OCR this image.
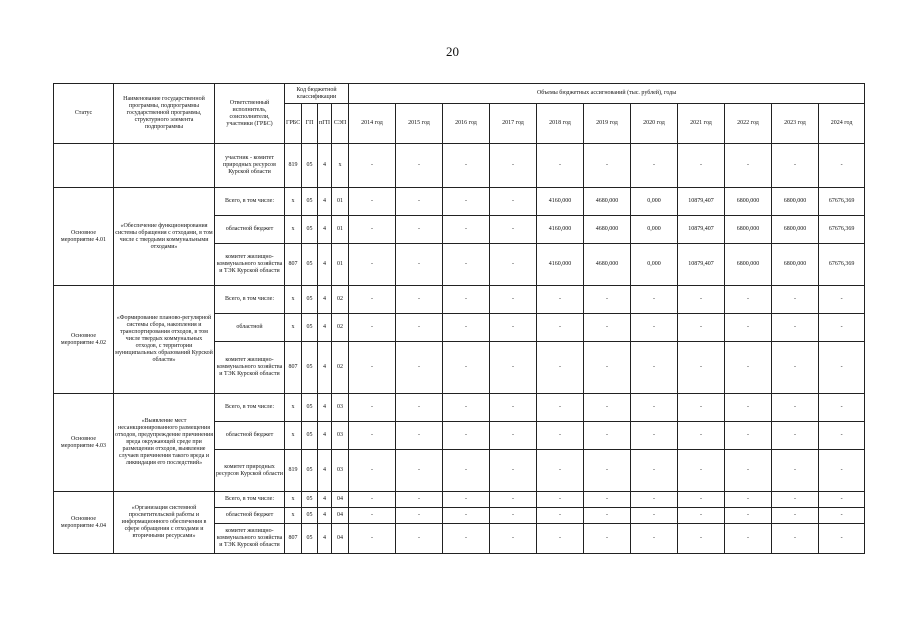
20
Статус	Наименование государственной программы, подпрограммы государственной программы, структурного элемента подпрограммы	Ответственный исполнитель, соисполнители, участники (ГРБС)	Код бюджетной классификации				Объемы бюджетных ассигнований (тыс. рублей), годы										
			ГРБС	ГП	пГП	СЭП	2014 год	2015 год	2016 год	2017 год	2018 год	2019 год	2020 год	2021 год	2022 год	2023 год	2024 год
		участник - комитет природных ресурсов Курской области	819	05	4	х	-	-	-	-	-	-	-	-	-	-	-
Основное мероприятие 4.01	«Обеспечение функционирования системы обращения с отходами, в том числе с твердыми коммунальными отходами»	Всего, в том числе:	х	05	4	01	-	-	-	-	4160,000	4680,000	0,000	10879,407	6800,000	6800,000	67676,369
		областной бюджет	х	05	4	01	-	-	-	-	4160,000	4680,000	0,000	10879,407	6800,000	6800,000	67676,369
		комитет жилищно-коммунального хозяйства и ТЭК Курской области	807	05	4	01	-	-	-	-	4160,000	4680,000	0,000	10879,407	6800,000	6800,000	67676,369
Основное мероприятие 4.02	«Формирование планово-регулярной системы сбора, накопления и транспортирования отходов, в том числе твердых коммунальных отходов, с территории муниципальных образований Курской области»	Всего, в том числе:	х	05	4	02	-	-	-	-	-	-	-	-	-	-	-
		областной	х	05	4	02	-	-	-	-	-	-	-	-	-	-	-
		комитет жилищно-коммунального хозяйства и ТЭК Курской области	807	05	4	02	-	-	-	-	-	-	-	-	-	-	-
Основное мероприятие 4.03	«Выявление мест несанкционированного размещения отходов, предупреждение причинения вреда окружающей среде при размещении отходов, выявление случаев причинения такого вреда и ликвидация его последствий»	Всего, в том числе:	х	05	4	03	-	-	-	-	-	-	-	-	-	-	-
		областной бюджет	х	05	4	03	-	-	-	-	-	-	-	-	-	-	-
		комитет природных ресурсов Курской области	819	05	4	03	-	-	-	-	-	-	-	-	-	-	-
Основное мероприятие 4.04	«Организация системной просветительской работы и информационного обеспечения в сфере обращения с отходами и вторичными ресурсами»	Всего, в том числе:	х	05	4	04	-	-	-	-	-	-	-	-	-	-	-
		областной бюджет	х	05	4	04	-	-	-	-	-	-	-	-	-	-	-
		комитет жилищно-коммунального хозяйства и ТЭК Курской области	807	05	4	04	-	-	-	-	-	-	-	-	-	-	-
